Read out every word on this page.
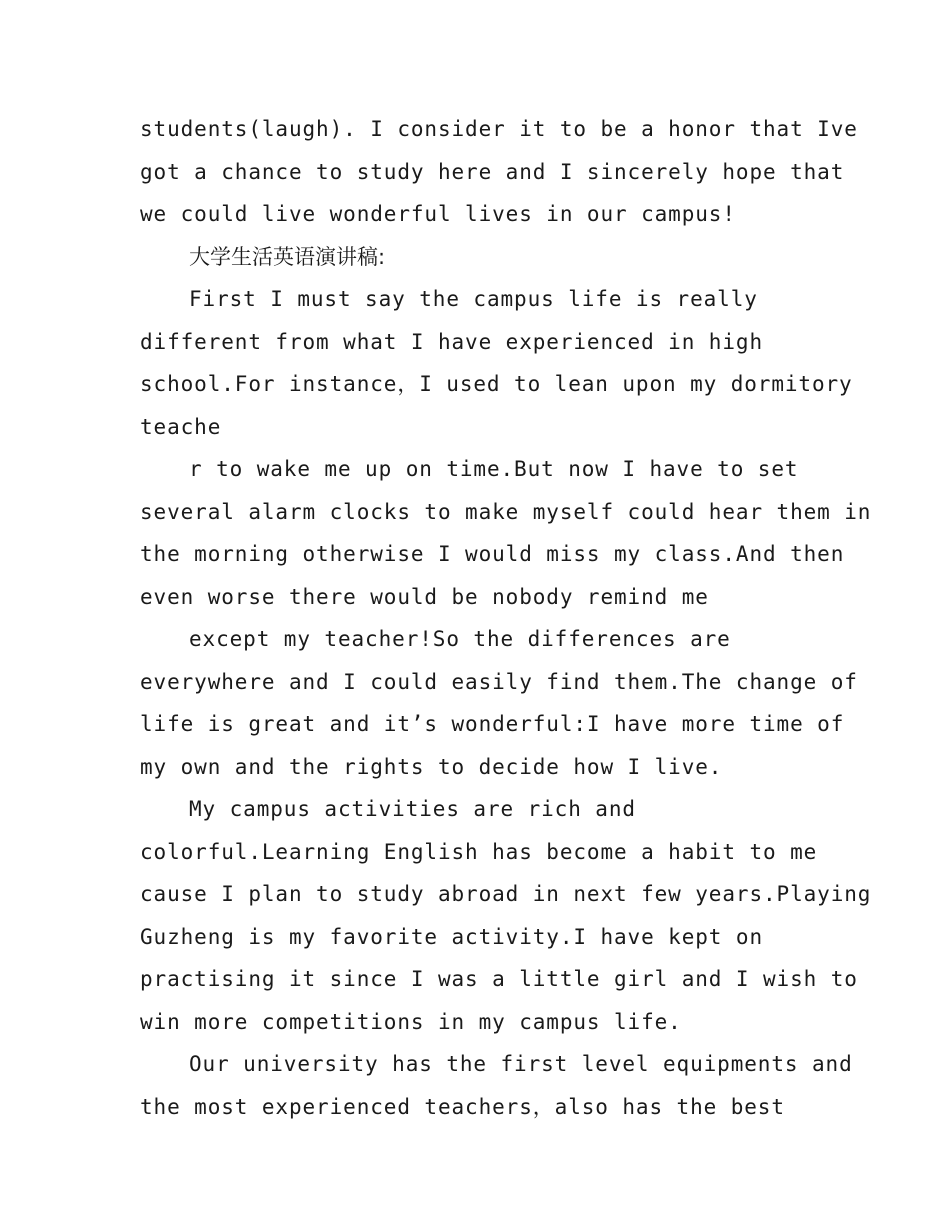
students(laugh). I consider it to be a honor that Ive
got a chance to study here and I sincerely hope that
we could live wonderful lives in our campus!
大学生活英语演讲稿:
First I must say the campus life is really
different from what I have experienced in high
school.For instance，I used to lean upon my dormitory
teache
r to wake me up on time.But now I have to set
several alarm clocks to make myself could hear them in
the morning otherwise I would miss my class.And then
even worse there would be nobody remind me
except my teacher!So the differences are
everywhere and I could easily find them.The change of
life is great and it’s wonderful:I have more time of
my own and the rights to decide how I live.
My campus activities are rich and
colorful.Learning English has become a habit to me
cause I plan to study abroad in next few years.Playing
Guzheng is my favorite activity.I have kept on
practising it since I was a little girl and I wish to
win more competitions in my campus life.
Our university has the first level equipments and
the most experienced teachers，also has the best
